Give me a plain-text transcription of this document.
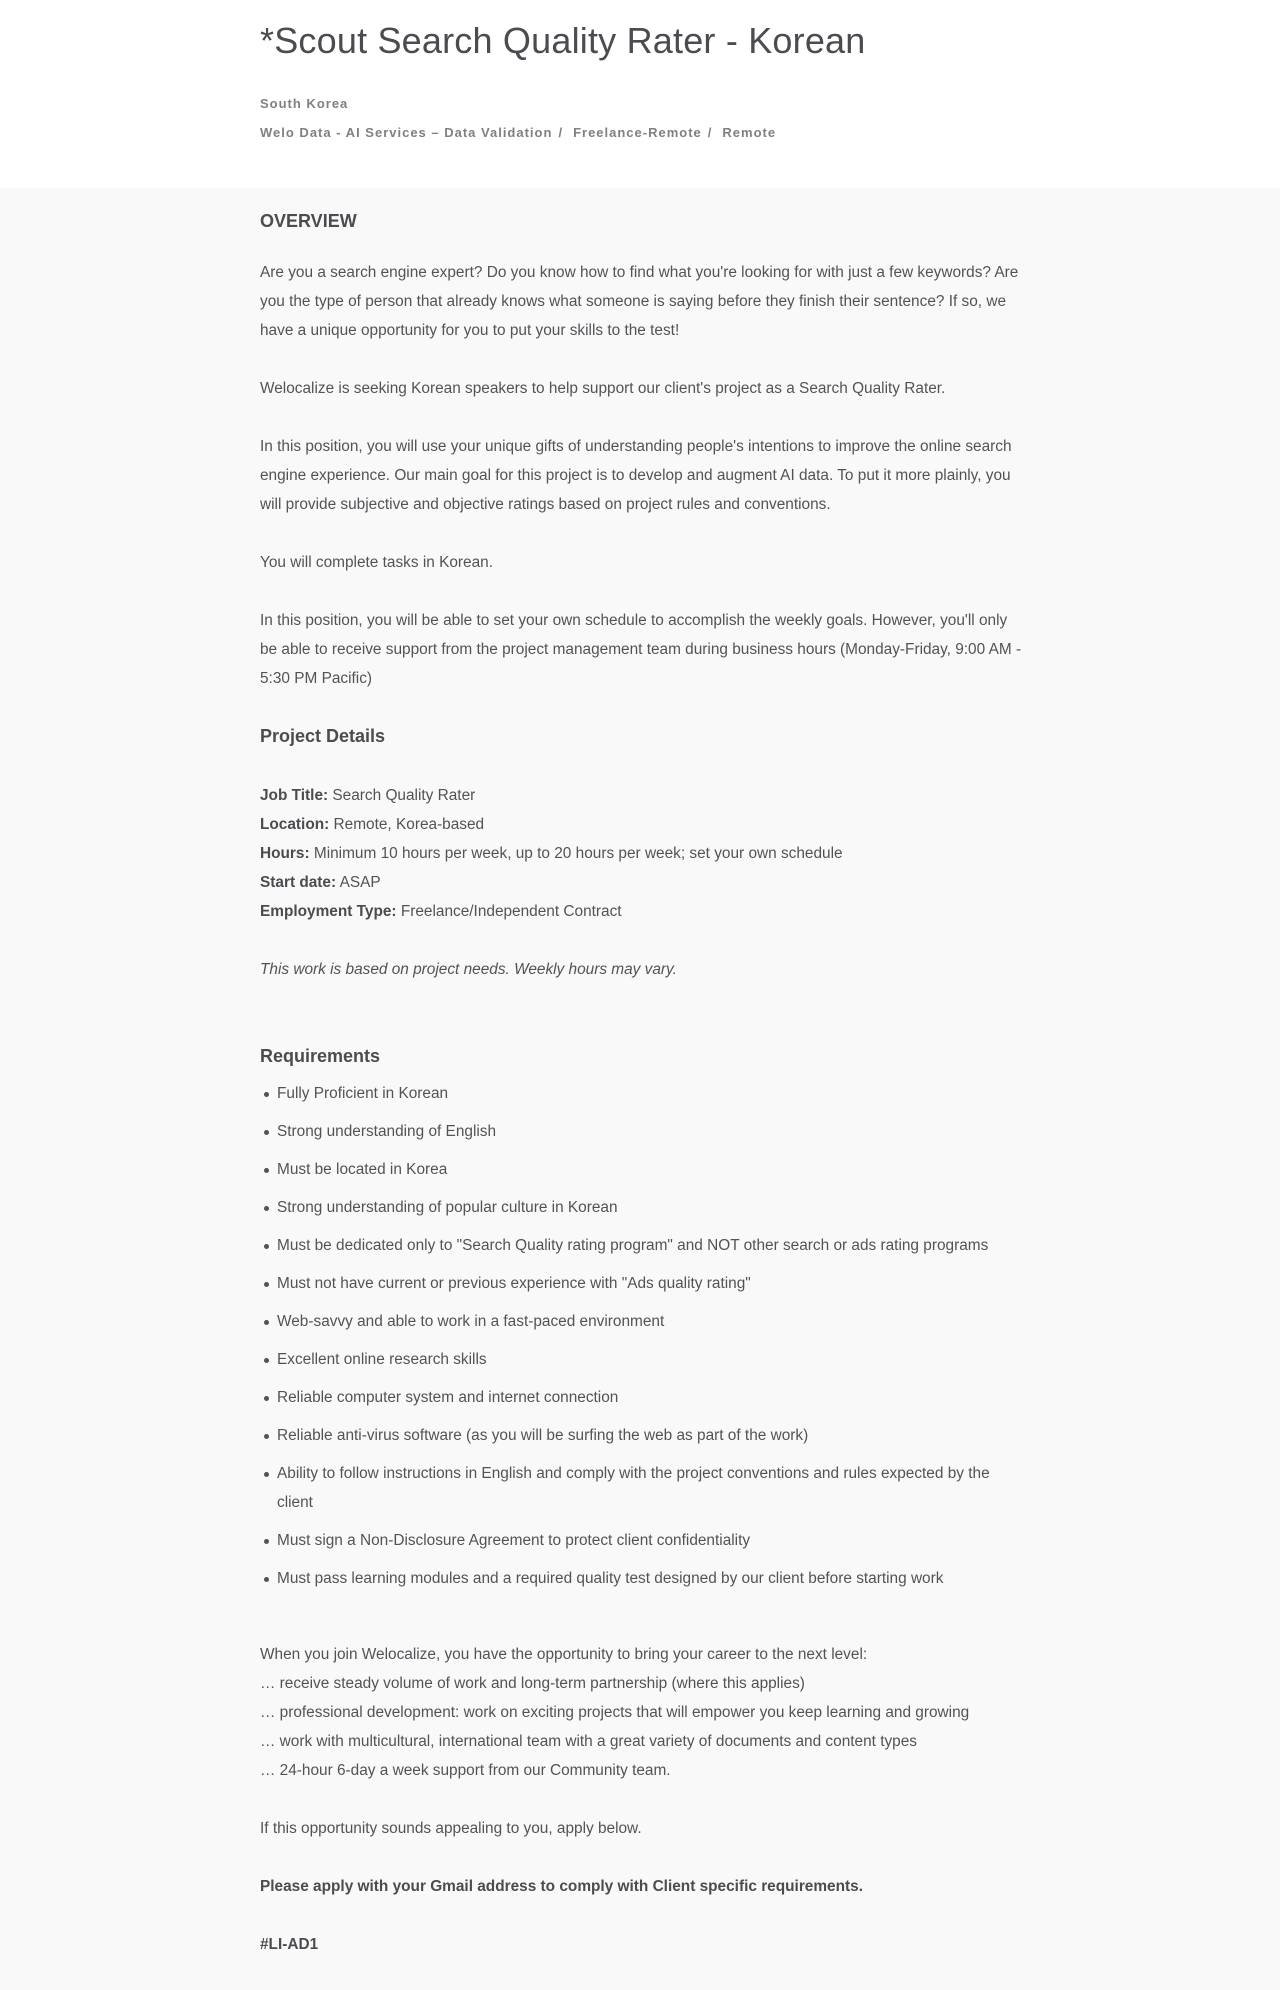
*Scout Search Quality Rater - Korean
South Korea
Welo Data - AI Services – Data Validation / Freelance-Remote / Remote
OVERVIEW

Are you a search engine expert? Do you know how to find what you're looking for with just a few keywords? Are you the type of person that already knows what someone is saying before they finish their sentence? If so, we have a unique opportunity for you to put your skills to the test!

Welocalize is seeking Korean speakers to help support our client's project as a Search Quality Rater.

In this position, you will use your unique gifts of understanding people's intentions to improve the online search engine experience. Our main goal for this project is to develop and augment AI data. To put it more plainly, you will provide subjective and objective ratings based on project rules and conventions.

You will complete tasks in Korean.

In this position, you will be able to set your own schedule to accomplish the weekly goals. However, you'll only be able to receive support from the project management team during business hours (Monday-Friday, 9:00 AM - 5:30 PM Pacific)

Project Details

Job Title: Search Quality Rater

Location: Remote, Korea-based

Hours: Minimum 10 hours per week, up to 20 hours per week; set your own schedule

Start date: ASAP

Employment Type: Freelance/Independent Contract

This work is based on project needs. Weekly hours may vary.

Requirements
Fully Proficient in Korean
Strong understanding of English
Must be located in Korea
Strong understanding of popular culture in Korean
Must be dedicated only to "Search Quality rating program" and NOT other search or ads rating programs
Must not have current or previous experience with "Ads quality rating"
Web-savvy and able to work in a fast-paced environment
Excellent online research skills
Reliable computer system and internet connection
Reliable anti-virus software (as you will be surfing the web as part of the work)
Ability to follow instructions in English and comply with the project conventions and rules expected by the client
Must sign a Non-Disclosure Agreement to protect client confidentiality
Must pass learning modules and a required quality test designed by our client before starting work

When you join Welocalize, you have the opportunity to bring your career to the next level:

… receive steady volume of work and long-term partnership (where this applies)

… professional development: work on exciting projects that will empower you keep learning and growing

… work with multicultural, international team with a great variety of documents and content types

… 24-hour 6-day a week support from our Community team.

If this opportunity sounds appealing to you, apply below.

Please apply with your Gmail address to comply with Client specific requirements.

#LI-AD1
